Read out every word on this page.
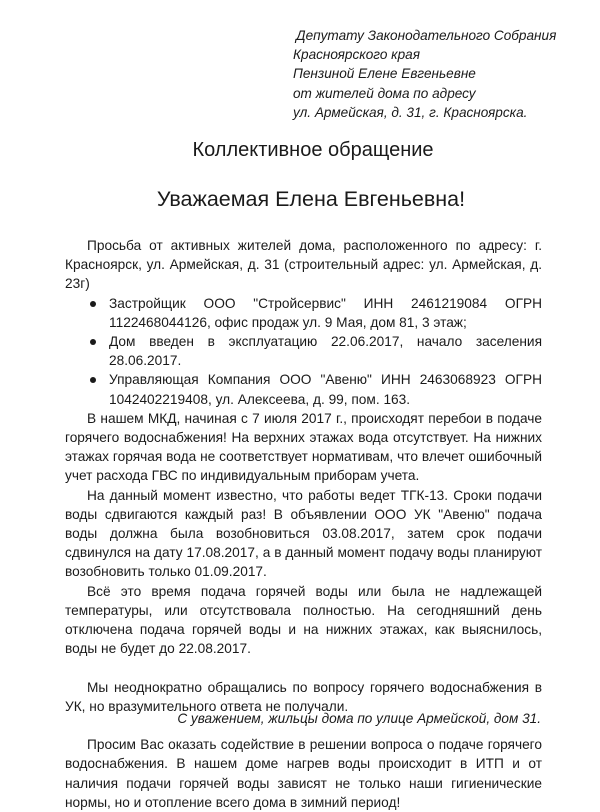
Депутату Законодательного Собрания
Красноярского края
Пензиной Елене Евгеньевне
от жителей дома по адресу
ул. Армейская, д. 31, г. Красноярска.
Коллективное обращение
Уважаемая Елена Евгеньевна!

Просьба от активных жителей дома, расположенного по адресу: г. Красноярск, ул. Армейская, д. 31 (строительный адрес: ул. Армейская, д. 23г)

Застройщик ООО "Стройсервис" ИНН 2461219084 ОГРН 1122468044126, офис продаж ул. 9 Мая, дом 81, 3 этаж;
Дом введен в эксплуатацию 22.06.2017, начало заселения 28.06.2017.
Управляющая Компания ООО "Авеню" ИНН 2463068923 ОГРН 1042402219408, ул. Алексеева, д. 99, пом. 163.

В нашем МКД, начиная с 7 июля 2017 г., происходят перебои в подаче горячего водоснабжения! На верхних этажах вода отсутствует. На нижних этажах горячая вода не соответствует нормативам, что влечет ошибочный учет расхода ГВС по индивидуальным приборам учета.

На данный момент известно, что работы ведет ТГК-13. Сроки подачи воды сдвигаются каждый раз! В объявлении ООО УК "Авеню" подача воды должна была возобновиться 03.08.2017, затем срок подачи сдвинулся на дату 17.08.2017, а в данный момент подачу воды планируют возобновить только 01.09.2017.

Всё это время подача горячей воды или была не надлежащей температуры, или отсутствовала полностью. На сегодняшний день отключена подача горячей воды и на нижних этажах, как выяснилось, воды не будет до 22.08.2017.

Мы неоднократно обращались по вопросу горячего водоснабжения в УК, но вразумительного ответа не получали.

Просим Вас оказать содействие в решении вопроса о подаче горячего водоснабжения. В нашем доме нагрев воды происходит в ИТП и от наличия подачи горячей воды зависят не только наши гигиенические нормы, но и отопление всего дома в зимний период!

С уважением, жильцы дома по улице Армейской, дом 31.
